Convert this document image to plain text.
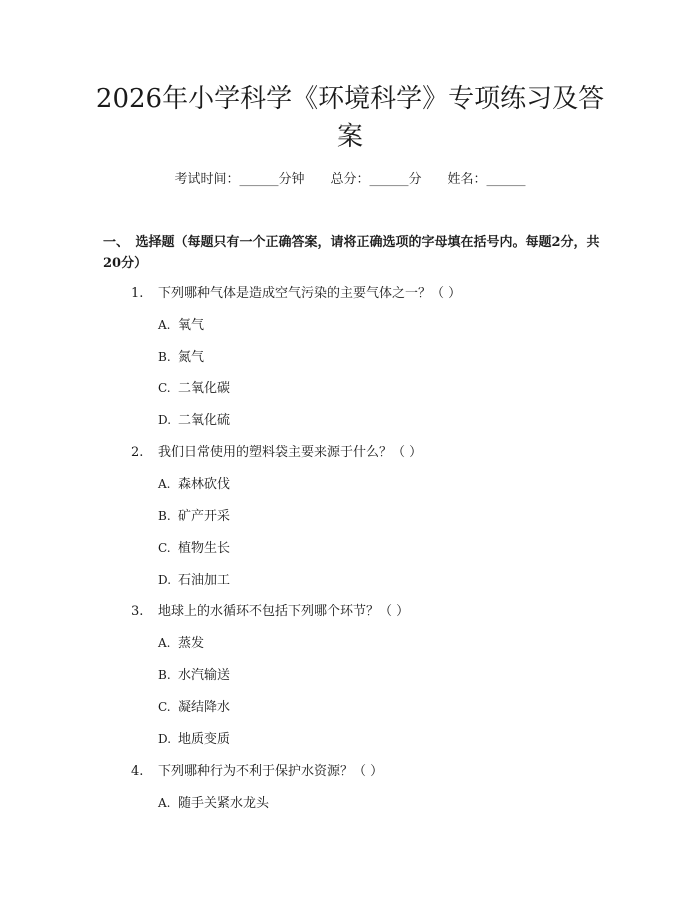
2026年小学科学《环境科学》专项练习及答案
考试时间：______分钟 总分：______分 姓名：______

一、　选择题（每题只有一个正确答案，请将正确选项的字母填在括号内。每题2分，共20分）

1. 下列哪种气体是造成空气污染的主要气体之一？（ ）
A. 氧气
B. 氮气
C. 二氧化碳
D. 二氧化硫
2. 我们日常使用的塑料袋主要来源于什么？（ ）
A. 森林砍伐
B. 矿产开采
C. 植物生长
D. 石油加工
3. 地球上的水循环不包括下列哪个环节？（ ）
A. 蒸发
B. 水汽输送
C. 凝结降水
D. 地质变质
4. 下列哪种行为不利于保护水资源？（ ）
A. 随手关紧水龙头
